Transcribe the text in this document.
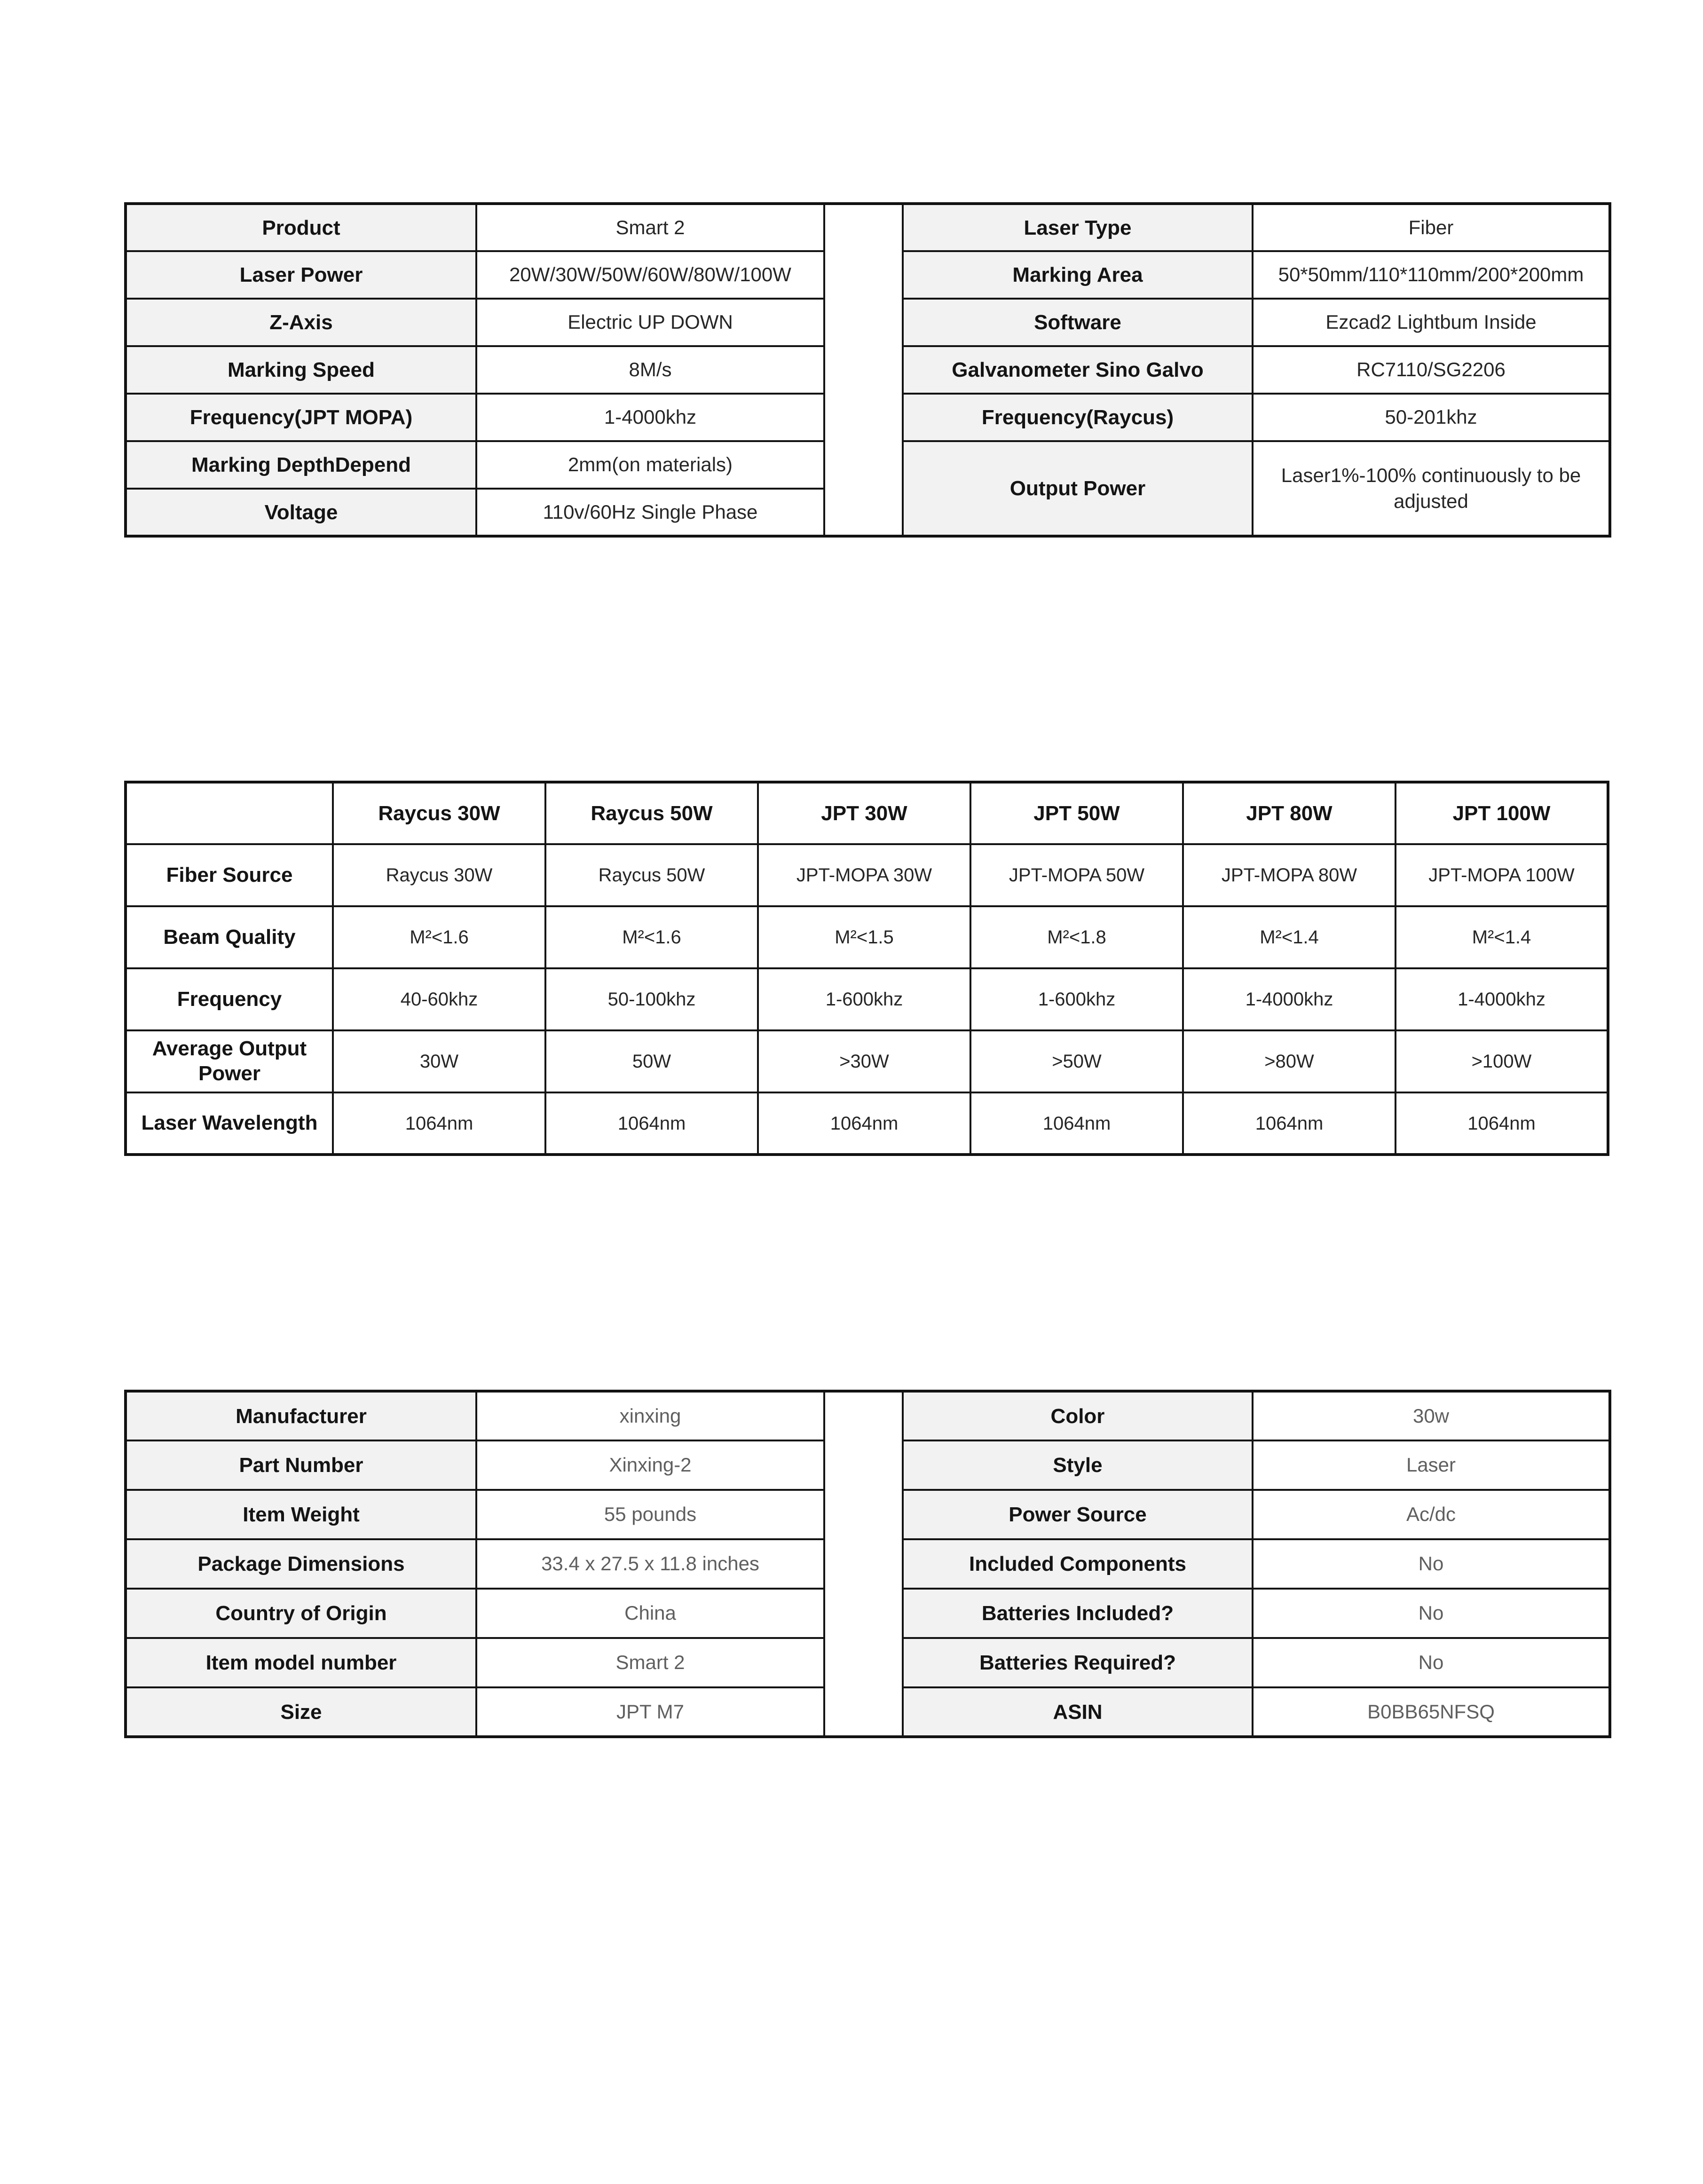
Product	Smart 2		Laser Type	Fiber
Laser Power	20W/30W/50W/60W/80W/100W		Marking Area	50*50mm/110*110mm/200*200mm
Z-Axis	Electric UP DOWN		Software	Ezcad2 Lightbum Inside
Marking Speed	8M/s		Galvanometer Sino Galvo	RC7110/SG2206
Frequency(JPT MOPA)	1-4000khz		Frequency(Raycus)	50-201khz
Marking DepthDepend	2mm(on materials)		Output Power	Laser1%-100% continuously to be adjusted
Voltage	110v/60Hz Single Phase			
	Raycus 30W	Raycus 50W	JPT 30W	JPT 50W	JPT 80W	JPT 100W
Fiber Source	Raycus 30W	Raycus 50W	JPT-MOPA 30W	JPT-MOPA 50W	JPT-MOPA 80W	JPT-MOPA 100W
Beam Quality	M²<1.6	M²<1.6	M²<1.5	M²<1.8	M²<1.4	M²<1.4
Frequency	40-60khz	50-100khz	1-600khz	1-600khz	1-4000khz	1-4000khz
Average Output Power	30W	50W	>30W	>50W	>80W	>100W
Laser Wavelength	1064nm	1064nm	1064nm	1064nm	1064nm	1064nm
Manufacturer	xinxing		Color	30w
Part Number	Xinxing-2		Style	Laser
Item Weight	55 pounds		Power Source	Ac/dc
Package Dimensions	33.4 x 27.5 x 11.8 inches		Included Components	No
Country of Origin	China		Batteries Included?	No
Item model number	Smart 2		Batteries Required?	No
Size	JPT M7		ASIN	B0BB65NFSQ
